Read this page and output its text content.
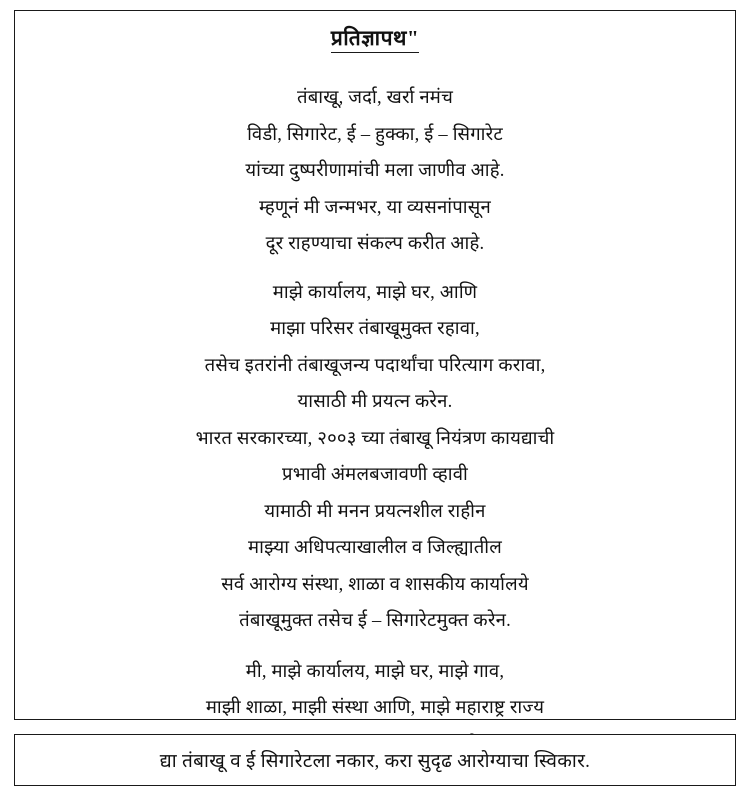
प्रतिज्ञापथ"

तंबाखू, जर्दा, खर्रा नमंच

विडी, सिगारेट, ई – हुक्का, ई – सिगारेट

यांच्या दुष्परीणामांची मला जाणीव आहे.

म्हणूनं मी जन्मभर, या व्यसनांपासून

दूर राहण्याचा संकल्प करीत आहे.

माझे कार्यालय, माझे घर, आणि

माझा परिसर तंबाखूमुक्त रहावा,

तसेच इतरांनी तंबाखूजन्य पदार्थांचा परित्याग करावा,

यासाठी मी प्रयत्न करेन.

भारत सरकारच्या, २००३ च्या तंबाखू नियंत्रण कायद्याची

प्रभावी अंमलबजावणी व्हावी

यामाठी मी मनन प्रयत्नशील राहीन

माझ्या अधिपत्याखालील व जिल्ह्यातील

सर्व आरोग्य संस्था, शाळा व शासकीय कार्यालये

तंबाखूमुक्त तसेच ई – सिगारेटमुक्त करेन.

मी, माझे कार्यालय, माझे घर, माझे गाव,

माझी शाळा, माझी संस्था आणि, माझे महाराष्ट्र राज्य

द्या तंबाखू व ई सिगारेटला नकार, करा सुदृढ आरोग्याचा स्विकार.
